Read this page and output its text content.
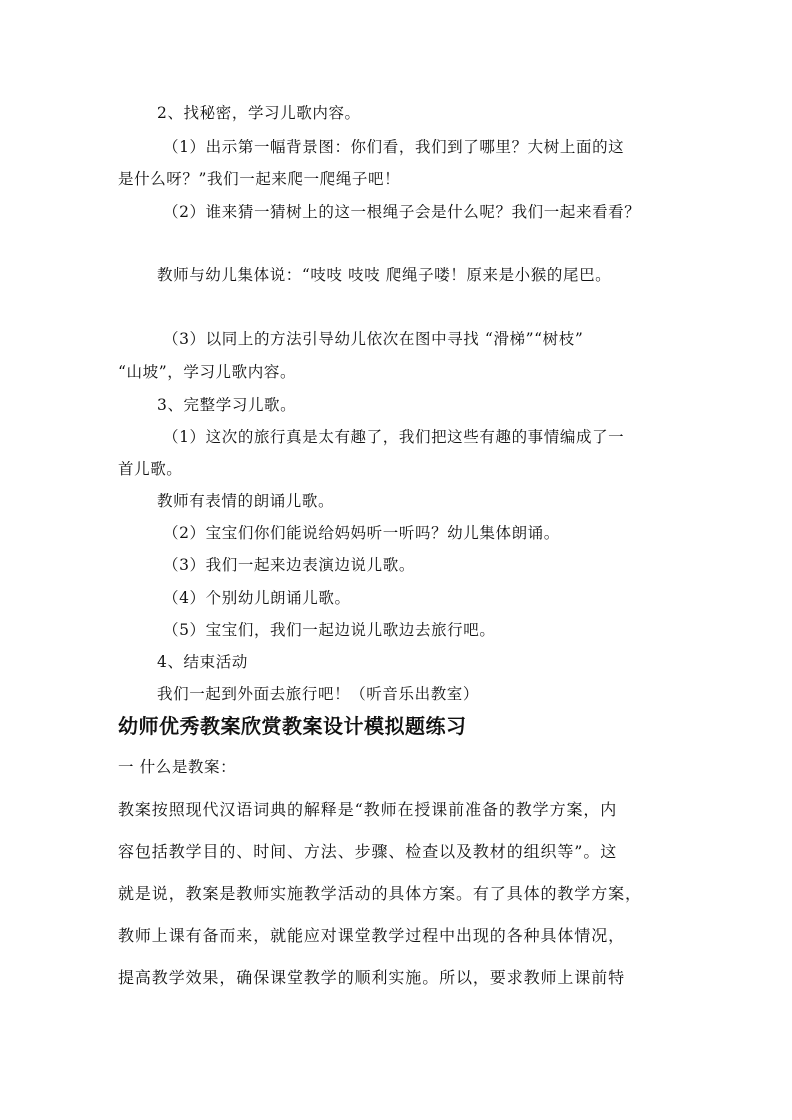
2、找秘密，学习儿歌内容。

（1）出示第一幅背景图：你们看，我们到了哪里？大树上面的这

是什么呀？”我们一起来爬一爬绳子吧！

（2）谁来猜一猜树上的这一根绳子会是什么呢？我们一起来看看？

教师与幼儿集体说：“吱吱 吱吱 爬绳子喽！原来是小猴的尾巴。

（3）以同上的方法引导幼儿依次在图中寻找 “滑梯”“树枝”

“山坡”，学习儿歌内容。

3、完整学习儿歌。

（1）这次的旅行真是太有趣了，我们把这些有趣的事情编成了一

首儿歌。

教师有表情的朗诵儿歌。

（2）宝宝们你们能说给妈妈听一听吗？幼儿集体朗诵。

（3）我们一起来边表演边说儿歌。

（4）个别幼儿朗诵儿歌。

（5）宝宝们，我们一起边说儿歌边去旅行吧。

4、结束活动

我们一起到外面去旅行吧！（听音乐出教室）

幼师优秀教案欣赏教案设计模拟题练习

一 什么是教案：

教案按照现代汉语词典的解释是“教师在授课前准备的教学方案，内

容包括教学目的、时间、方法、步骤、检查以及教材的组织等”。这

就是说，教案是教师实施教学活动的具体方案。有了具体的教学方案，

教师上课有备而来，就能应对课堂教学过程中出现的各种具体情况，

提高教学效果，确保课堂教学的顺利实施。所以，要求教师上课前特
